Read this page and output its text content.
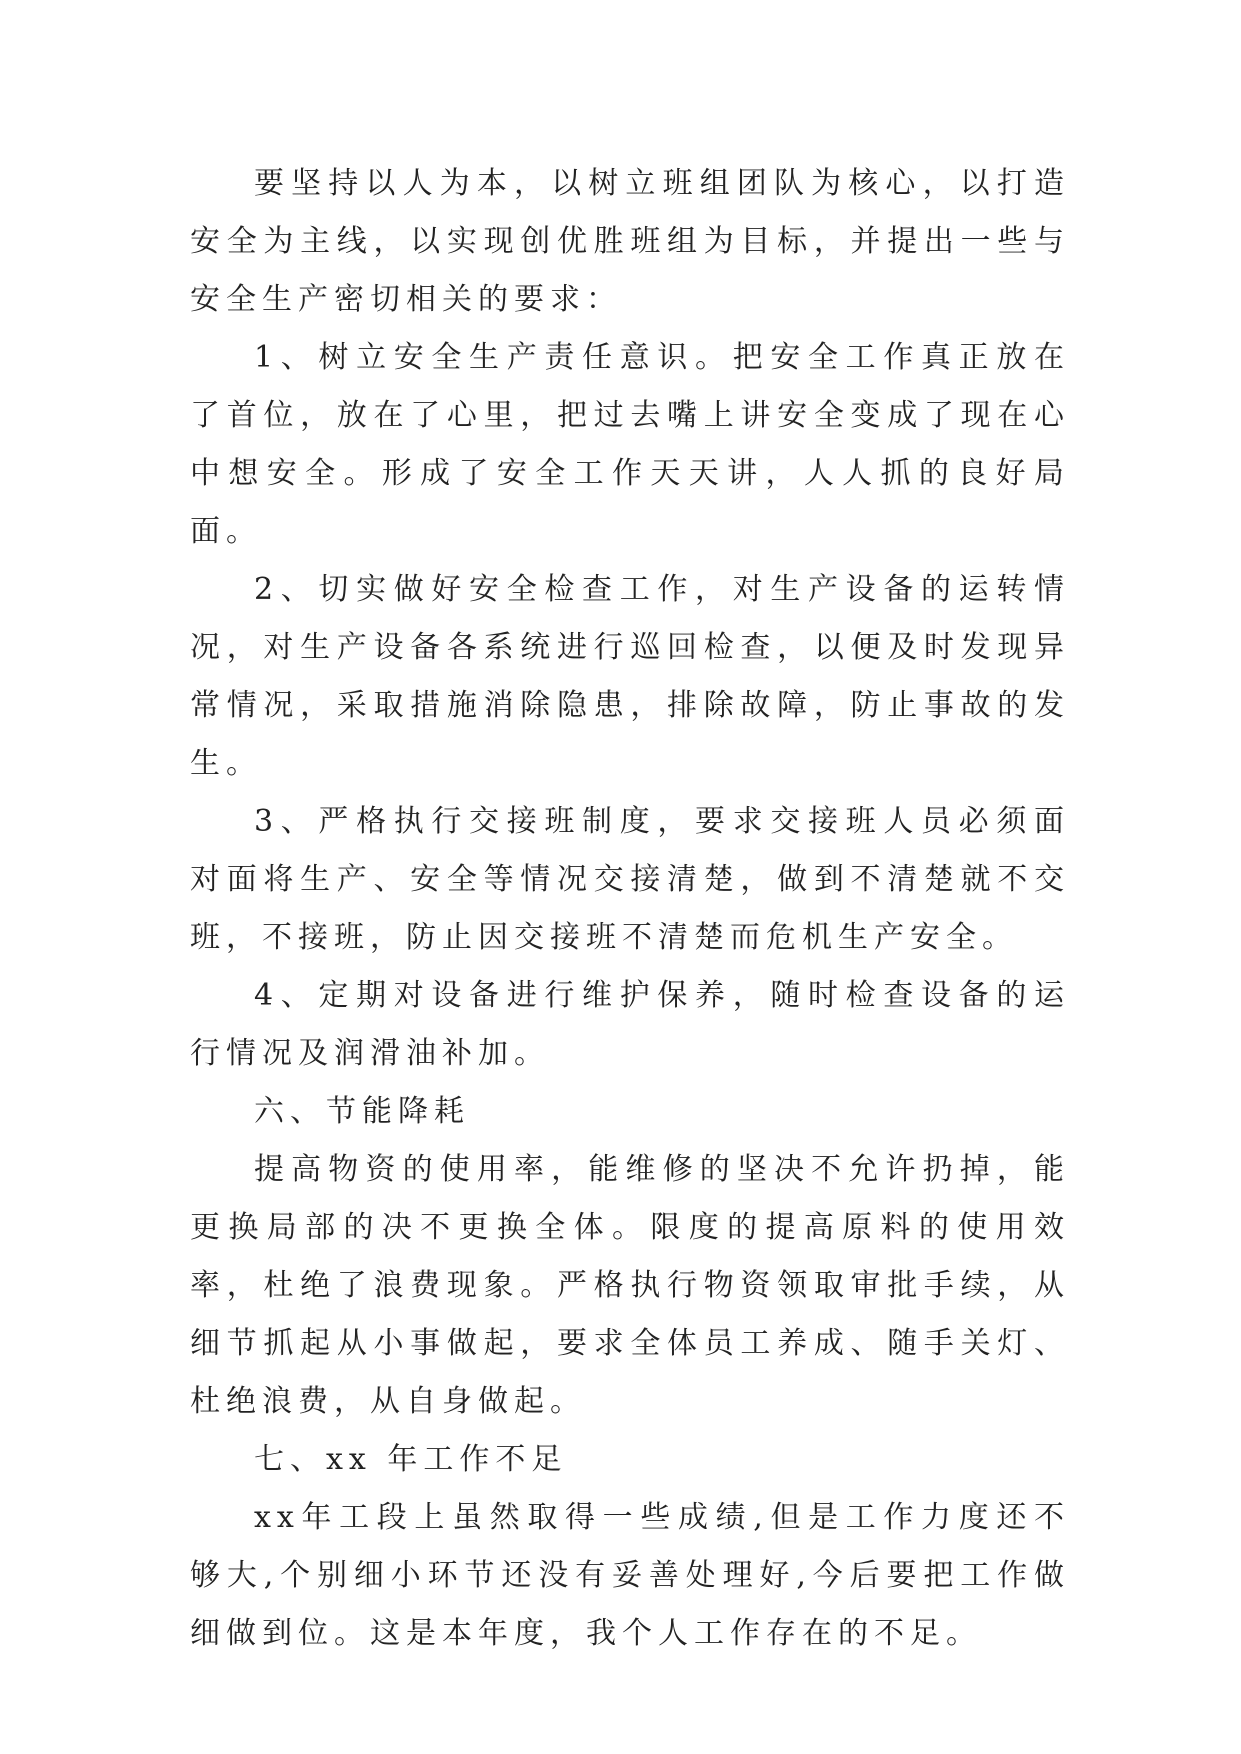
要坚持以人为本，以树立班组团队为核心，以打造安全为主线，以实现创优胜班组为目标，并提出一些与安全生产密切相关的要求：

1、树立安全生产责任意识。把安全工作真正放在了首位，放在了心里，把过去嘴上讲安全变成了现在心中想安全。形成了安全工作天天讲，人人抓的良好局面。

2、切实做好安全检查工作，对生产设备的运转情况，对生产设备各系统进行巡回检查，以便及时发现异常情况，采取措施消除隐患，排除故障，防止事故的发生。

3、严格执行交接班制度，要求交接班人员必须面对面将生产、安全等情况交接清楚，做到不清楚就不交班，不接班，防止因交接班不清楚而危机生产安全。

4、定期对设备进行维护保养，随时检查设备的运行情况及润滑油补加。

六、节能降耗

提高物资的使用率，能维修的坚决不允许扔掉，能更换局部的决不更换全体。限度的提高原料的使用效率，杜绝了浪费现象。严格执行物资领取审批手续，从细节抓起从小事做起，要求全体员工养成、随手关灯、杜绝浪费，从自身做起。

七、xx 年工作不足

xx年工段上虽然取得一些成绩,但是工作力度还不够大,个别细小环节还没有妥善处理好,今后要把工作做细做到位。这是本年度，我个人工作存在的不足。
